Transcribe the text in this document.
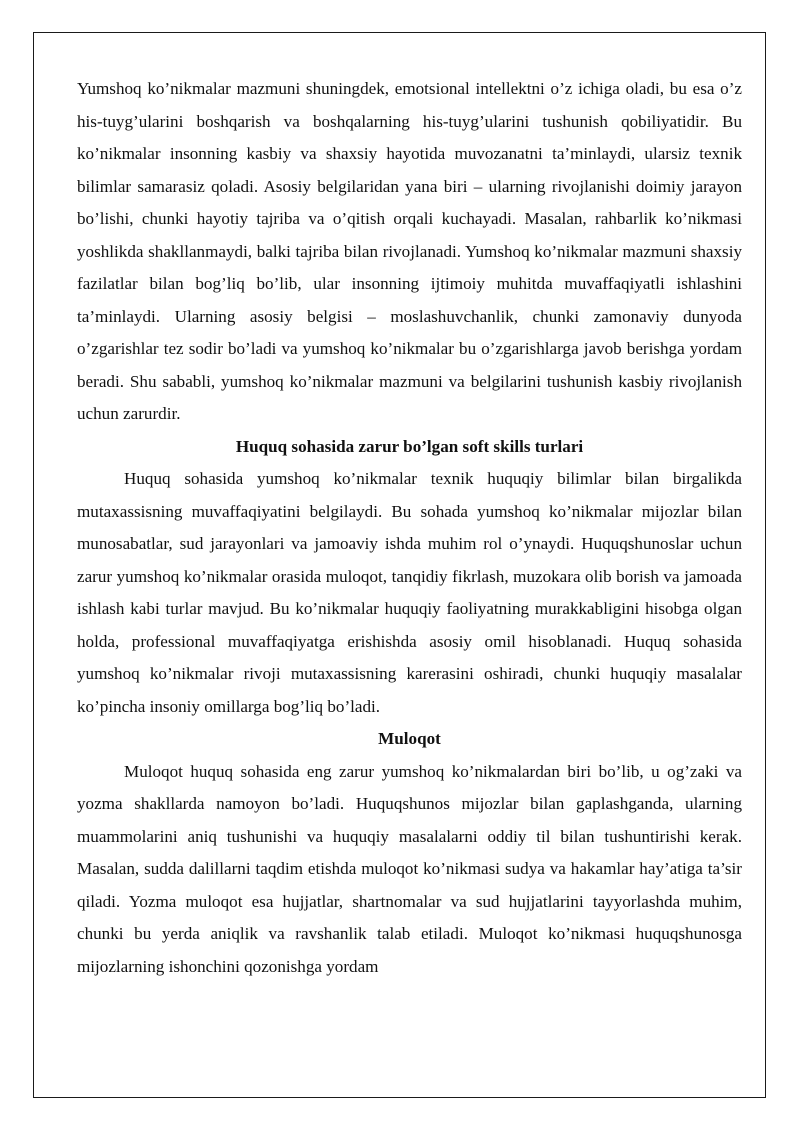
Yumshoq ko’nikmalar mazmuni shuningdek, emotsional intellektni o’z ichiga oladi, bu esa o’z his-tuyg’ularini boshqarish va boshqalarning his-tuyg’ularini tushunish qobiliyatidir. Bu ko’nikmalar insonning kasbiy va shaxsiy hayotida muvozanatni ta’minlaydi, ularsiz texnik bilimlar samarasiz qoladi. Asosiy belgilaridan yana biri – ularning rivojlanishi doimiy jarayon bo’lishi, chunki hayotiy tajriba va o’qitish orqali kuchayadi. Masalan, rahbarlik ko’nikmasi yoshlikda shakllanmaydi, balki tajriba bilan rivojlanadi. Yumshoq ko’nikmalar mazmuni shaxsiy fazilatlar bilan bog’liq bo’lib, ular insonning ijtimoiy muhitda muvaffaqiyatli ishlashini ta’minlaydi. Ularning asosiy belgisi – moslashuvchanlik, chunki zamonaviy dunyoda o’zgarishlar tez sodir bo’ladi va yumshoq ko’nikmalar bu o’zgarishlarga javob berishga yordam beradi. Shu sababli, yumshoq ko’nikmalar mazmuni va belgilarini tushunish kasbiy rivojlanish uchun zarurdir.

Huquq sohasida zarur bo’lgan soft skills turlari

Huquq sohasida yumshoq ko’nikmalar texnik huquqiy bilimlar bilan birgalikda mutaxassisning muvaffaqiyatini belgilaydi. Bu sohada yumshoq ko’nikmalar mijozlar bilan munosabatlar, sud jarayonlari va jamoaviy ishda muhim rol o’ynaydi. Huquqshunoslar uchun zarur yumshoq ko’nikmalar orasida muloqot, tanqidiy fikrlash, muzokara olib borish va jamoada ishlash kabi turlar mavjud. Bu ko’nikmalar huquqiy faoliyatning murakkabligini hisobga olgan holda, professional muvaffaqiyatga erishishda asosiy omil hisoblanadi. Huquq sohasida yumshoq ko’nikmalar rivoji mutaxassisning karerasini oshiradi, chunki huquqiy masalalar ko’pincha insoniy omillarga bog’liq bo’ladi.

Muloqot

Muloqot huquq sohasida eng zarur yumshoq ko’nikmalardan biri bo’lib, u og’zaki va yozma shakllarda namoyon bo’ladi. Huquqshunos mijozlar bilan gaplashganda, ularning muammolarini aniq tushunishi va huquqiy masalalarni oddiy til bilan tushuntirishi kerak. Masalan, sudda dalillarni taqdim etishda muloqot ko’nikmasi sudya va hakamlar hay’atiga ta’sir qiladi. Yozma muloqot esa hujjatlar, shartnomalar va sud hujjatlarini tayyorlashda muhim, chunki bu yerda aniqlik va ravshanlik talab etiladi. Muloqot ko’nikmasi huquqshunosga mijozlarning ishonchini qozonishga yordam
